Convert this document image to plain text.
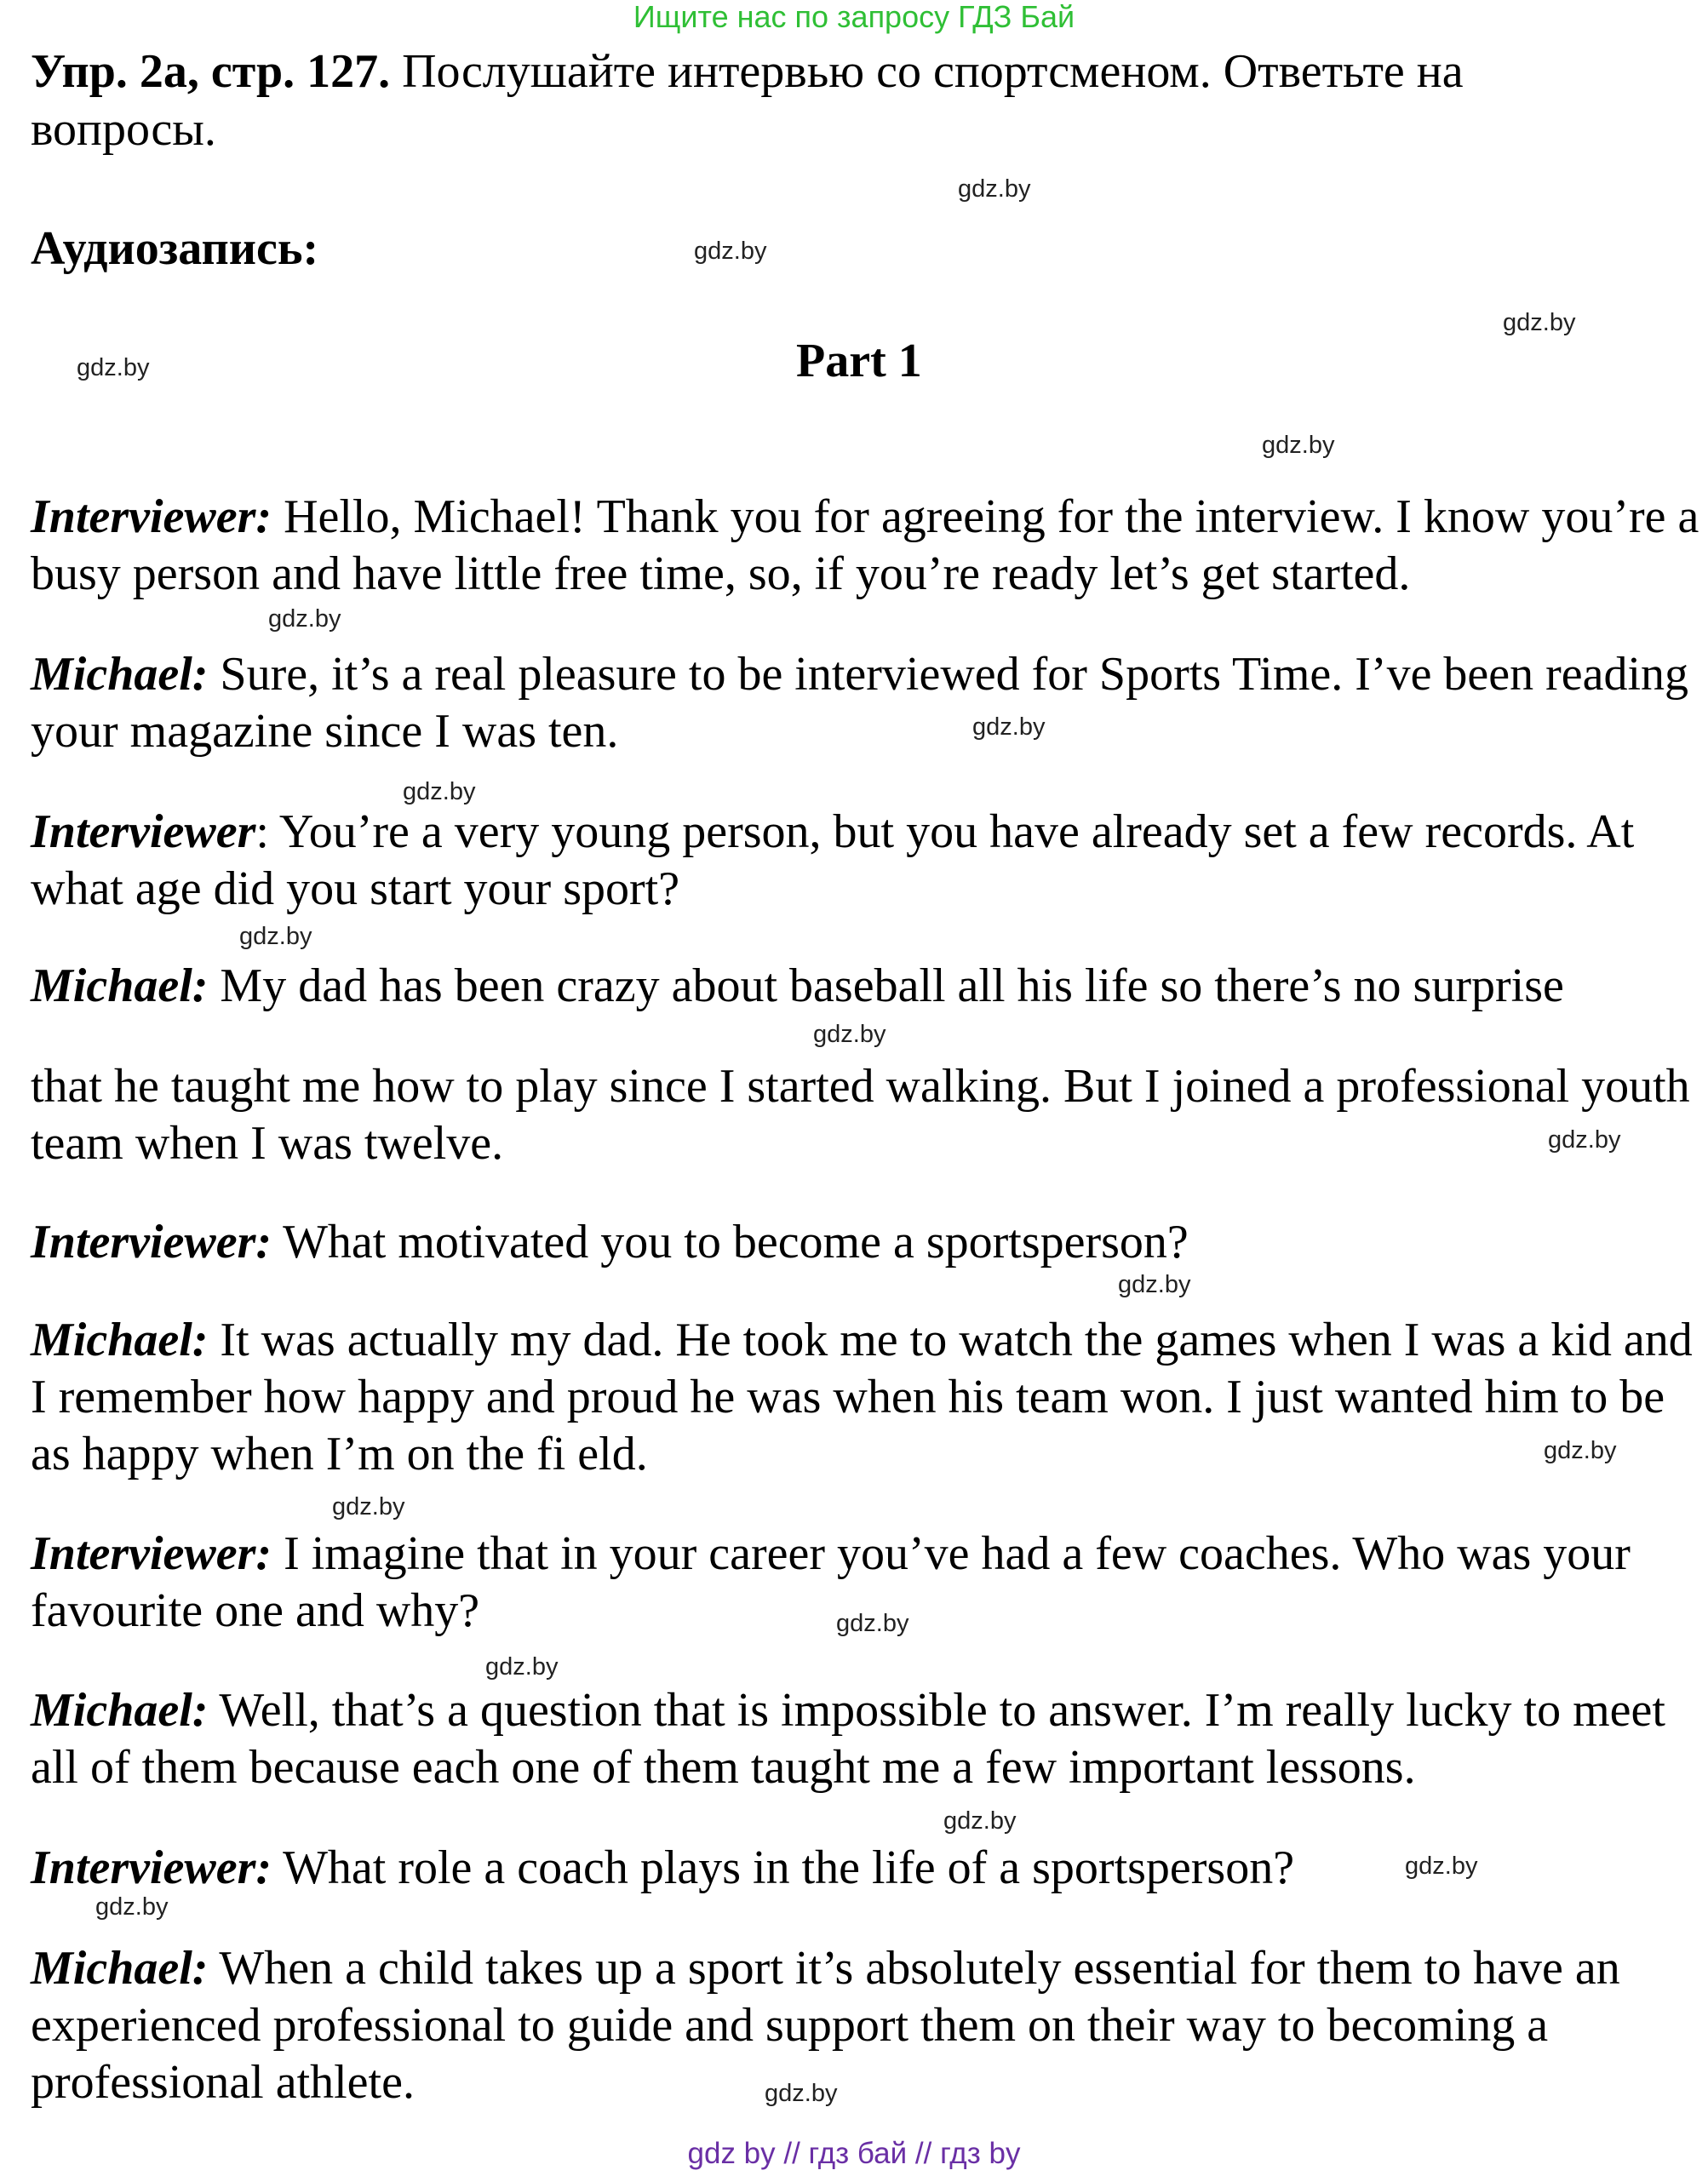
Ищите нас по запросу ГДЗ Бай
Упр. 2а, стр. 127. Послушайте интервью со спортсменом. Ответьте на вопросы.
Аудиозапись:
Part 1
Interviewer: Hello, Michael! Thank you for agreeing for the interview. I know you’re a busy person and have little free time, so, if you’re ready let’s get started.
Michael: Sure, it’s a real pleasure to be interviewed for Sports Time. I’ve been reading your magazine since I was ten.
Interviewer: You’re a very young person, but you have already set a few records. At what age did you start your sport?
Michael: My dad has been crazy about baseball all his life so there’s no surprise
that he taught me how to play since I started walking. But I joined a professional youth team when I was twelve.
Interviewer: What motivated you to become a sportsperson?
Michael: It was actually my dad. He took me to watch the games when I was a kid and I remember how happy and proud he was when his team won. I just wanted him to be as happy when I’m on the fi eld.
Interviewer: I imagine that in your career you’ve had a few coaches. Who was your favourite one and why?
Michael: Well, that’s a question that is impossible to answer. I’m really lucky to meet all of them because each one of them taught me a few important lessons.
Interviewer: What role a coach plays in the life of a sportsperson?
Michael: When a child takes up a sport it’s absolutely essential for them to have an experienced professional to guide and support them on their way to becoming a professional athlete.
gdz.by
gdz.by
gdz.by
gdz.by
gdz.by
gdz.by
gdz.by
gdz.by
gdz.by
gdz.by
gdz.by
gdz.by
gdz.by
gdz.by
gdz.by
gdz.by
gdz.by
gdz.by
gdz.by
gdz.by
gdz by // гдз бай // гдз by
